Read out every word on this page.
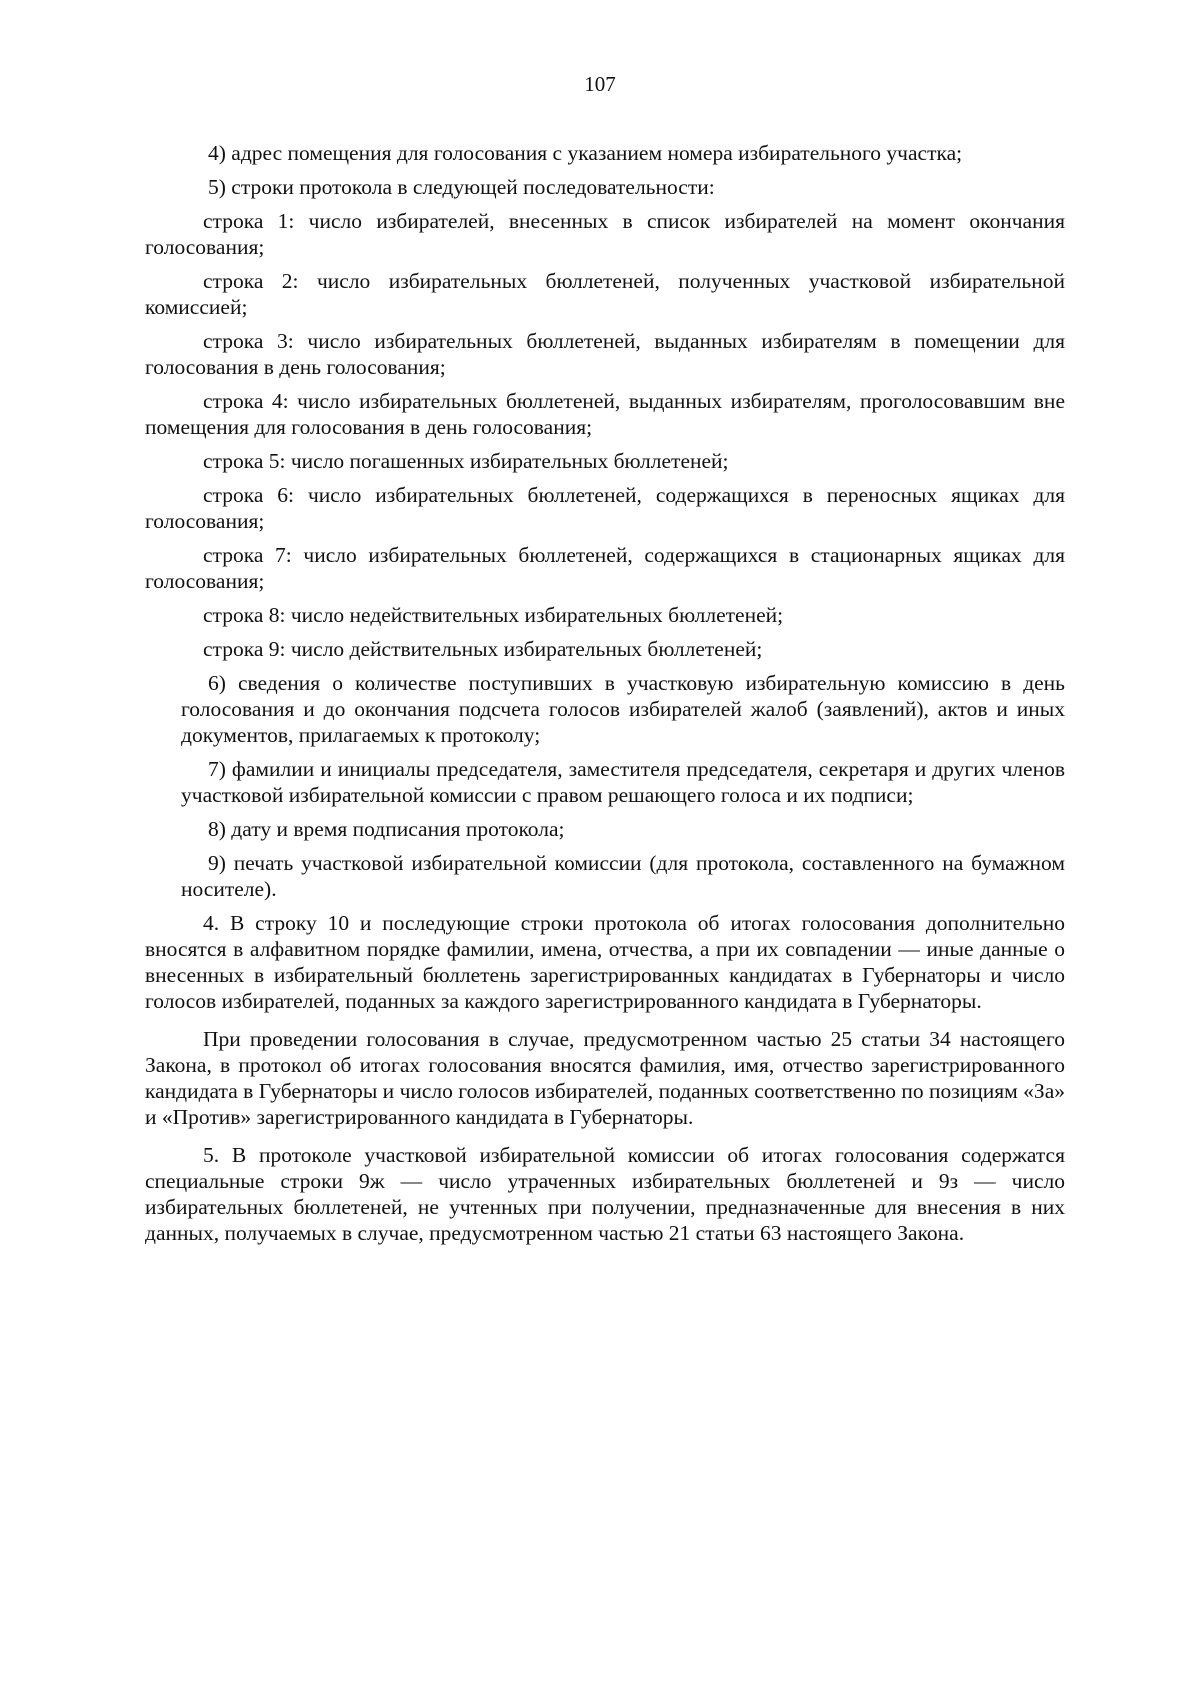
107

4) адрес помещения для голосования с указанием номера избирательного участка;

5) строки протокола в следующей последовательности:

строка 1: число избирателей, внесенных в список избирателей на момент окончания голосования;

строка 2: число избирательных бюллетеней, полученных участковой избирательной комиссией;

строка 3: число избирательных бюллетеней, выданных избирателям в помещении для голосования в день голосования;

строка 4: число избирательных бюллетеней, выданных избирателям, проголосовавшим вне помещения для голосования в день голосования;

строка 5: число погашенных избирательных бюллетеней;

строка 6: число избирательных бюллетеней, содержащихся в переносных ящиках для голосования;

строка 7: число избирательных бюллетеней, содержащихся в стационарных ящиках для голосования;

строка 8: число недействительных избирательных бюллетеней;

строка 9: число действительных избирательных бюллетеней;

6) сведения о количестве поступивших в участковую избирательную комиссию в день голосования и до окончания подсчета голосов избирателей жалоб (заявлений), актов и иных документов, прилагаемых к протоколу;

7) фамилии и инициалы председателя, заместителя председателя, секретаря и других членов участковой избирательной комиссии с правом решающего голоса и их подписи;

8) дату и время подписания протокола;

9) печать участковой избирательной комиссии (для протокола, составленного на бумажном носителе).

4. В строку 10 и последующие строки протокола об итогах голосования дополнительно вносятся в алфавитном порядке фамилии, имена, отчества, а при их совпадении — иные данные о внесенных в избирательный бюллетень зарегистрированных кандидатах в Губернаторы и число голосов избирателей, поданных за каждого зарегистрированного кандидата в Губернаторы.

При проведении голосования в случае, предусмотренном частью 25 статьи 34 настоящего Закона, в протокол об итогах голосования вносятся фамилия, имя, отчество зарегистрированного кандидата в Губернаторы и число голосов избирателей, поданных соответственно по позициям «За» и «Против» зарегистрированного кандидата в Губернаторы.

5. В протоколе участковой избирательной комиссии об итогах голосования содержатся специальные строки 9ж — число утраченных избирательных бюллетеней и 9з — число избирательных бюллетеней, не учтенных при получении, предназначенные для внесения в них данных, получаемых в случае, предусмотренном частью 21 статьи 63 настоящего Закона.
